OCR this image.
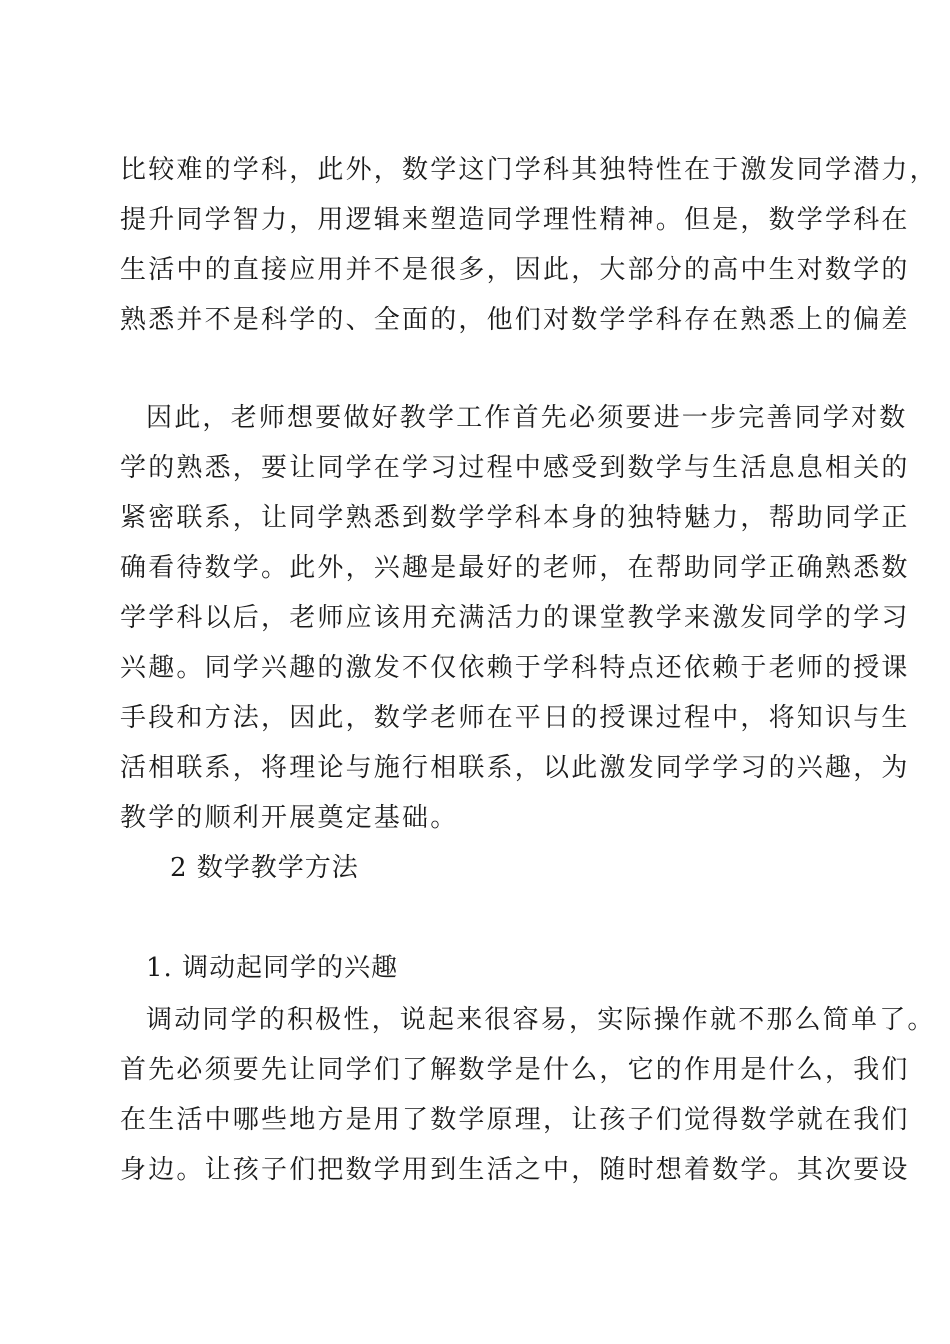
比较难的学科，此外，数学这门学科其独特性在于激发同学潜力，
提升同学智力，用逻辑来塑造同学理性精神。但是，数学学科在
生活中的直接应用并不是很多，因此，大部分的高中生对数学的
熟悉并不是科学的、全面的，他们对数学学科存在熟悉上的偏差
因此，老师想要做好教学工作首先必须要进一步完善同学对数
学的熟悉，要让同学在学习过程中感受到数学与生活息息相关的
紧密联系，让同学熟悉到数学学科本身的独特魅力，帮助同学正
确看待数学。此外，兴趣是最好的老师，在帮助同学正确熟悉数
学学科以后，老师应该用充满活力的课堂教学来激发同学的学习
兴趣。同学兴趣的激发不仅依赖于学科特点还依赖于老师的授课
手段和方法，因此，数学老师在平日的授课过程中，将知识与生
活相联系，将理论与施行相联系，以此激发同学学习的兴趣，为
教学的顺利开展奠定基础。
2 数学教学方法
1. 调动起同学的兴趣
调动同学的积极性，说起来很容易，实际操作就不那么简单了。
首先必须要先让同学们了解数学是什么，它的作用是什么，我们
在生活中哪些地方是用了数学原理，让孩子们觉得数学就在我们
身边。让孩子们把数学用到生活之中，随时想着数学。其次要设
